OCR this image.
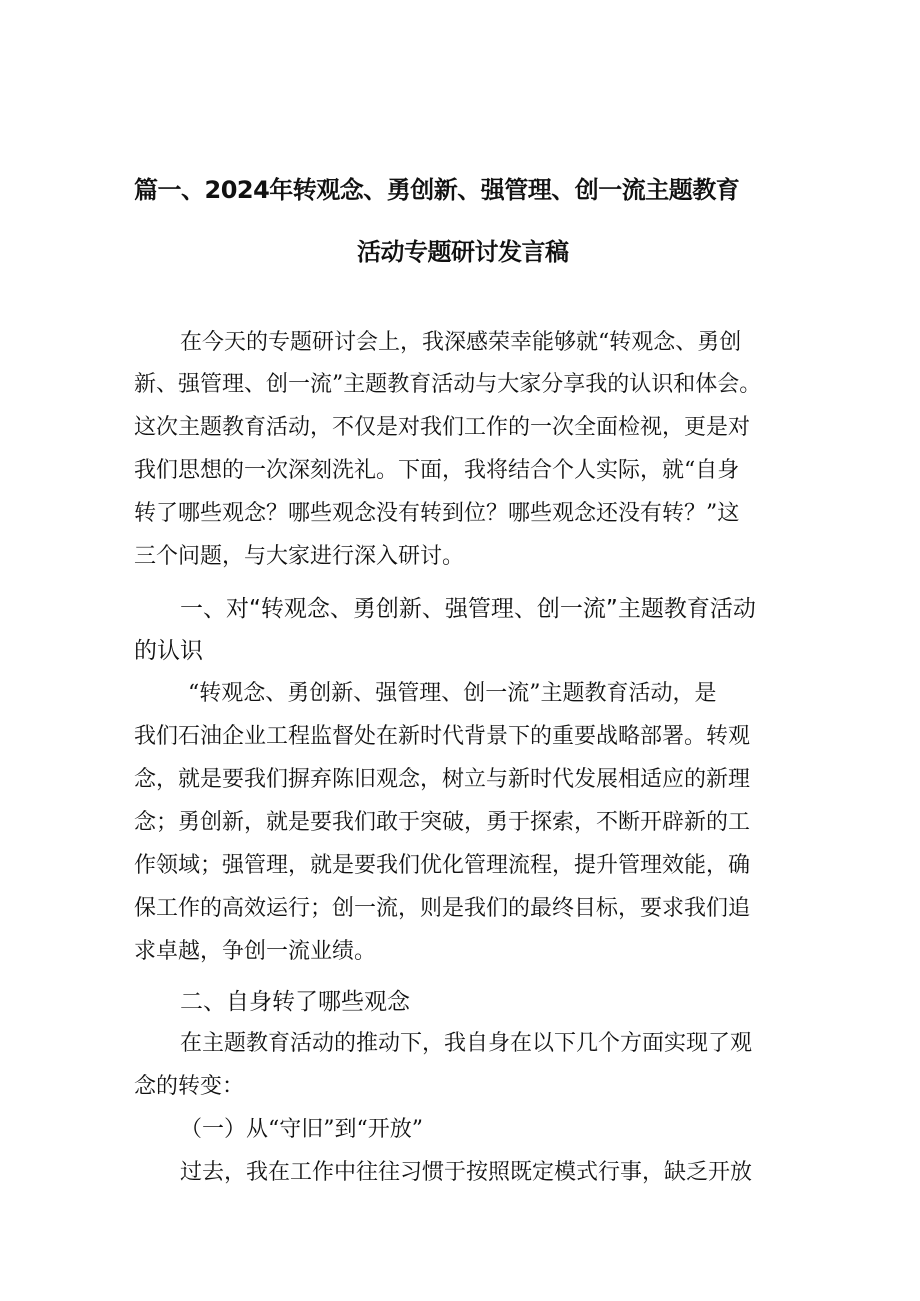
篇一、2024年转观念、勇创新、强管理、创一流主题教育
活动专题研讨发言稿
在今天的专题研讨会上，我深感荣幸能够就“转观念、勇创
新、强管理、创一流”主题教育活动与大家分享我的认识和体会。
这次主题教育活动，不仅是对我们工作的一次全面检视，更是对
我们思想的一次深刻洗礼。下面，我将结合个人实际，就“自身
转了哪些观念？哪些观念没有转到位？哪些观念还没有转？”这
三个问题，与大家进行深入研讨。
一、对“转观念、勇创新、强管理、创一流”主题教育活动
的认识
“转观念、勇创新、强管理、创一流”主题教育活动，是
我们石油企业工程监督处在新时代背景下的重要战略部署。转观
念，就是要我们摒弃陈旧观念，树立与新时代发展相适应的新理
念；勇创新，就是要我们敢于突破，勇于探索，不断开辟新的工
作领域；强管理，就是要我们优化管理流程，提升管理效能，确
保工作的高效运行；创一流，则是我们的最终目标，要求我们追
求卓越，争创一流业绩。
二、自身转了哪些观念
在主题教育活动的推动下，我自身在以下几个方面实现了观
念的转变：
（一）从“守旧”到“开放”
过去，我在工作中往往习惯于按照既定模式行事，缺乏开放
